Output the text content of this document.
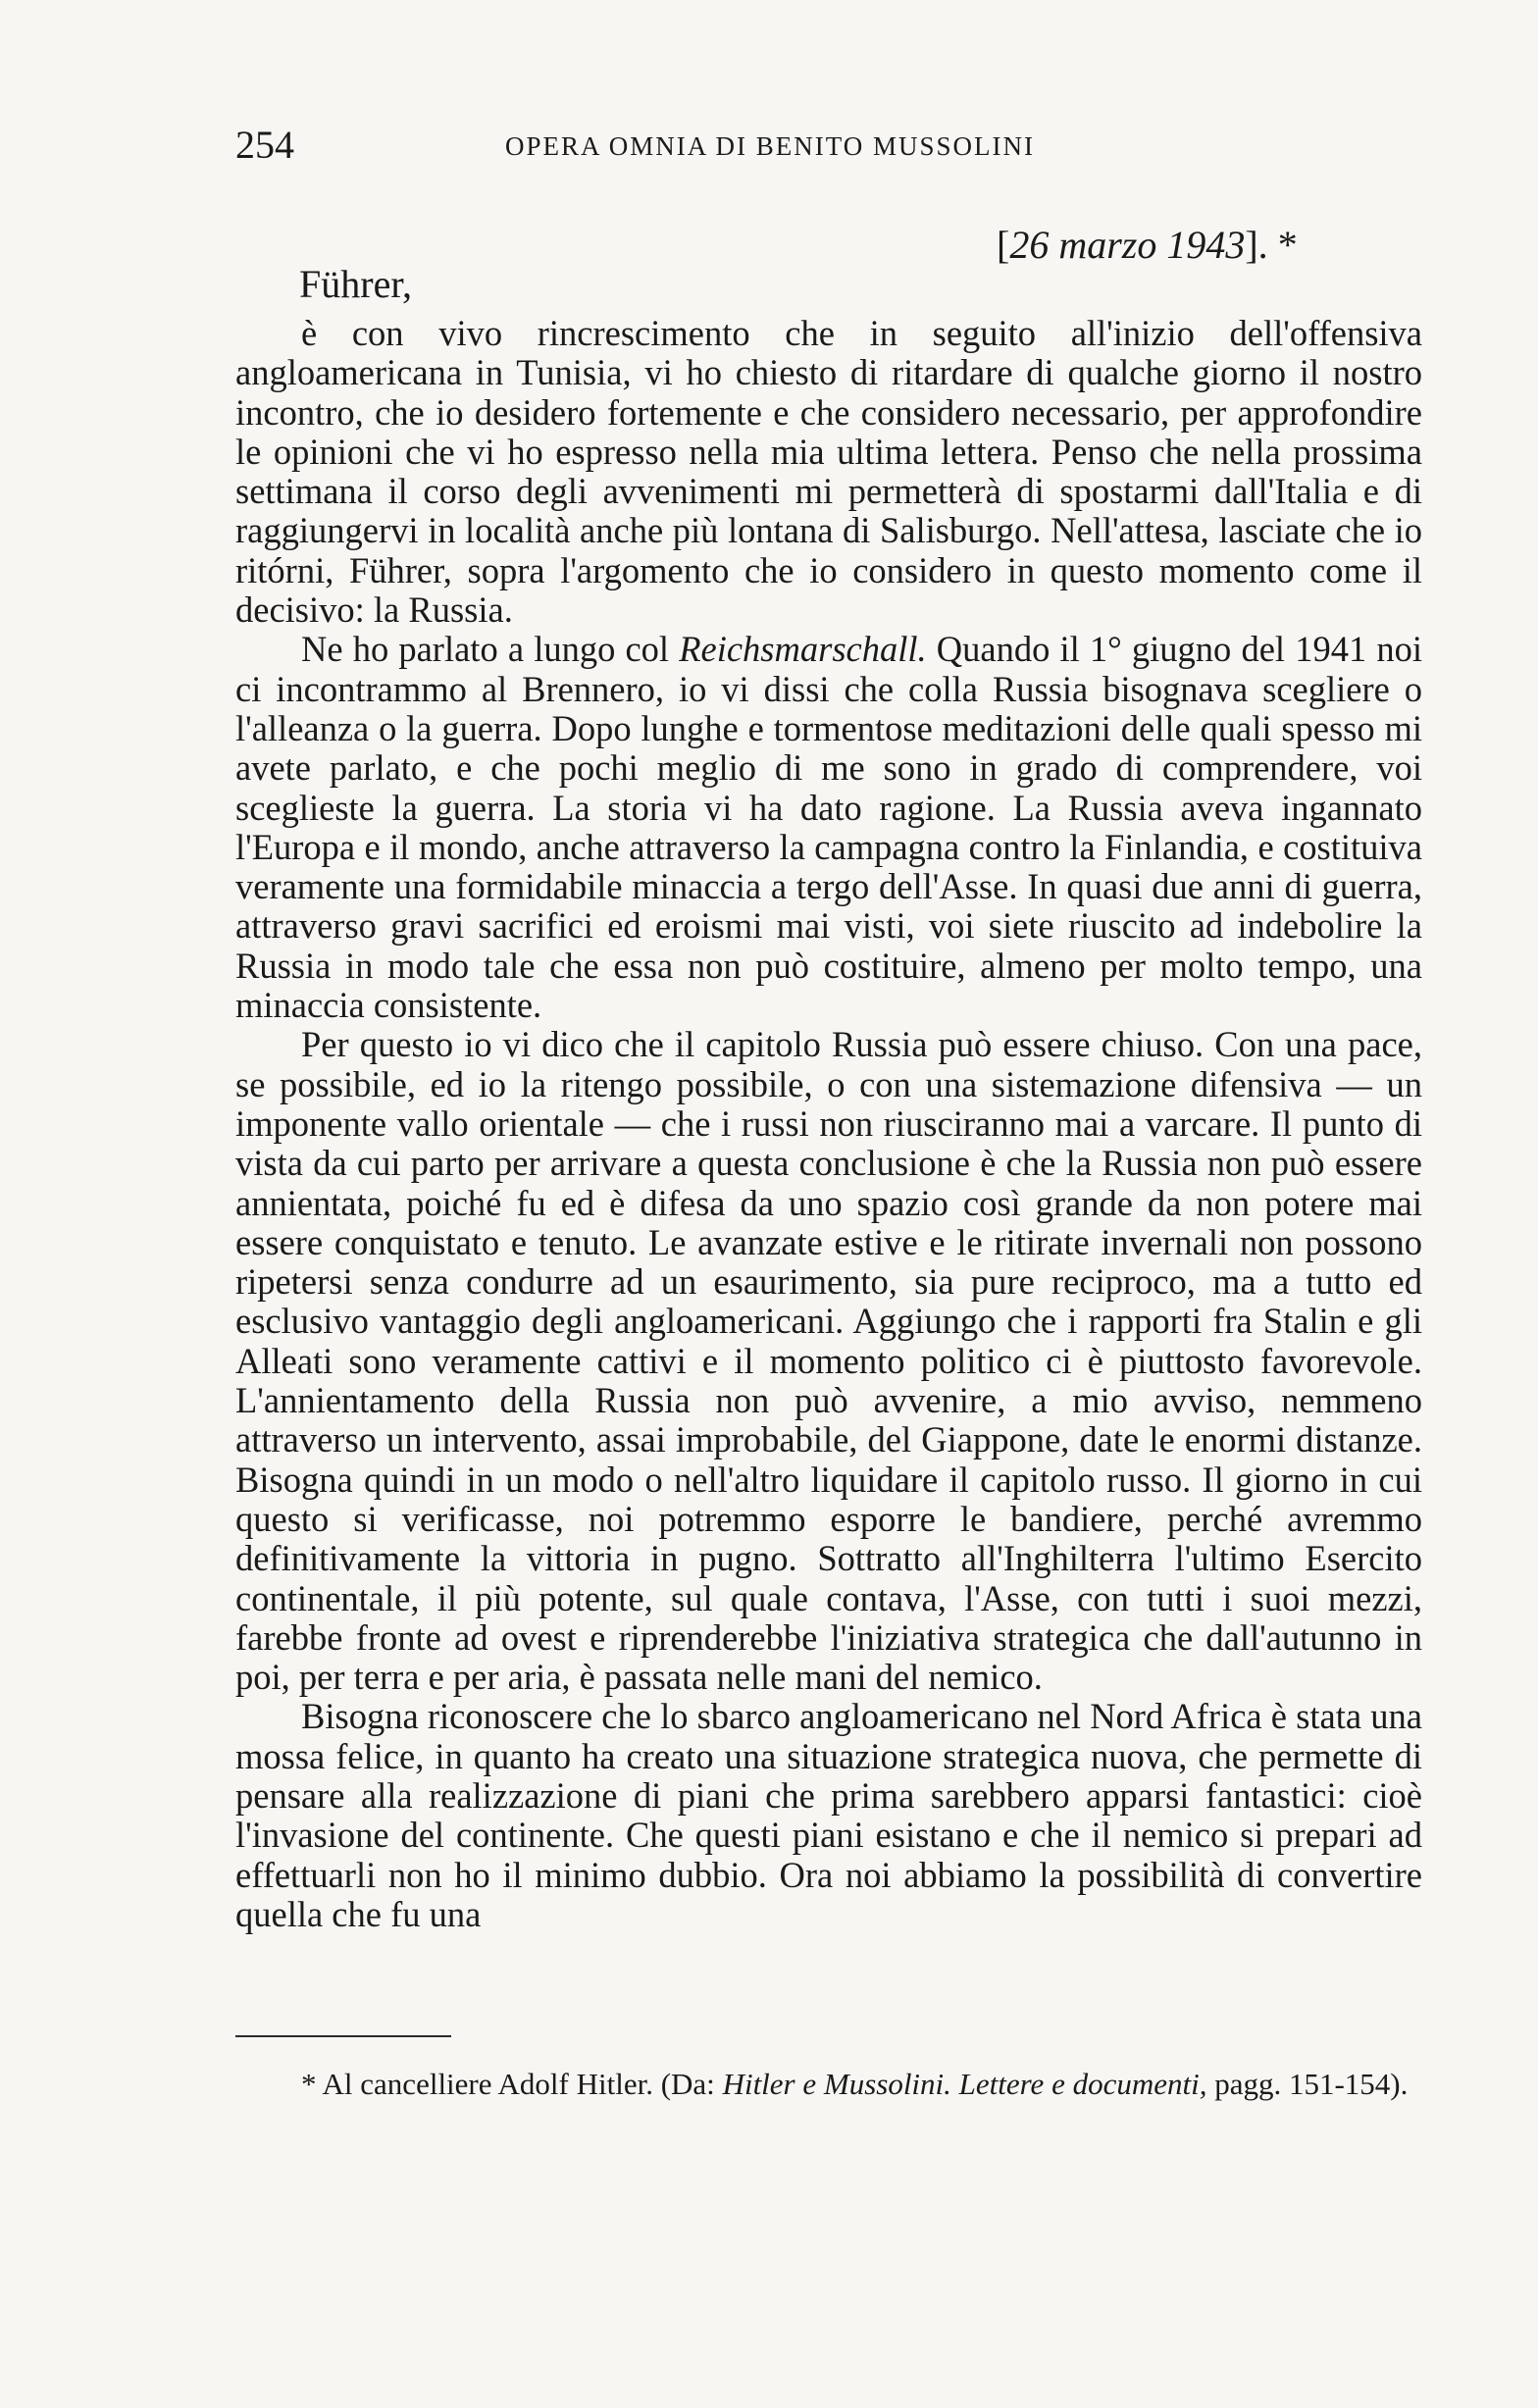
254	OPERA OMNIA DI BENITO MUSSOLINI
[26 marzo 1943]. *
Führer,

è con vivo rincrescimento che in seguito all'inizio dell'offensiva angloamericana in Tunisia, vi ho chiesto di ritardare di qualche giorno il nostro incontro, che io desidero fortemente e che considero necessario, per approfondire le opinioni che vi ho espresso nella mia ultima lettera. Penso che nella prossima settimana il corso degli avvenimenti mi permetterà di spostarmi dall'Italia e di raggiungervi in località anche più lontana di Salisburgo. Nell'attesa, lasciate che io ritórni, Führer, sopra l'argomento che io considero in questo momento come il decisivo: la Russia.

Ne ho parlato a lungo col Reichsmarschall. Quando il 1° giugno del 1941 noi ci incontrammo al Brennero, io vi dissi che colla Russia bisognava scegliere o l'alleanza o la guerra. Dopo lunghe e tormentose meditazioni delle quali spesso mi avete parlato, e che pochi meglio di me sono in grado di comprendere, voi sceglieste la guerra. La storia vi ha dato ragione. La Russia aveva ingannato l'Europa e il mondo, anche attraverso la campagna contro la Finlandia, e costituiva veramente una formidabile minaccia a tergo dell'Asse. In quasi due anni di guerra, attraverso gravi sacrifici ed eroismi mai visti, voi siete riuscito ad indebolire la Russia in modo tale che essa non può costituire, almeno per molto tempo, una minaccia consistente.

Per questo io vi dico che il capitolo Russia può essere chiuso. Con una pace, se possibile, ed io la ritengo possibile, o con una sistemazione difensiva — un imponente vallo orientale — che i russi non riusciranno mai a varcare. Il punto di vista da cui parto per arrivare a questa conclusione è che la Russia non può essere annientata, poiché fu ed è difesa da uno spazio così grande da non potere mai essere conquistato e tenuto. Le avanzate estive e le ritirate invernali non possono ripetersi senza condurre ad un esaurimento, sia pure reciproco, ma a tutto ed esclusivo vantaggio degli angloamericani. Aggiungo che i rapporti fra Stalin e gli Alleati sono veramente cattivi e il momento politico ci è piuttosto favorevole. L'annientamento della Russia non può avvenire, a mio avviso, nemmeno attraverso un intervento, assai improbabile, del Giappone, date le enormi distanze. Bisogna quindi in un modo o nell'altro liquidare il capitolo russo. Il giorno in cui questo si verificasse, noi potremmo esporre le bandiere, perché avremmo definitivamente la vittoria in pugno. Sottratto all'Inghilterra l'ultimo Esercito continentale, il più potente, sul quale contava, l'Asse, con tutti i suoi mezzi, farebbe fronte ad ovest e riprenderebbe l'iniziativa strategica che dall'autunno in poi, per terra e per aria, è passata nelle mani del nemico.

Bisogna riconoscere che lo sbarco angloamericano nel Nord Africa è stata una mossa felice, in quanto ha creato una situazione strategica nuova, che permette di pensare alla realizzazione di piani che prima sarebbero apparsi fantastici: cioè l'invasione del continente. Che questi piani esistano e che il nemico si prepari ad effettuarli non ho il minimo dubbio. Ora noi abbiamo la possibilità di convertire quella che fu una

* Al cancelliere Adolf Hitler. (Da: Hitler e Mussolini. Lettere e documenti, pagg. 151-154).
